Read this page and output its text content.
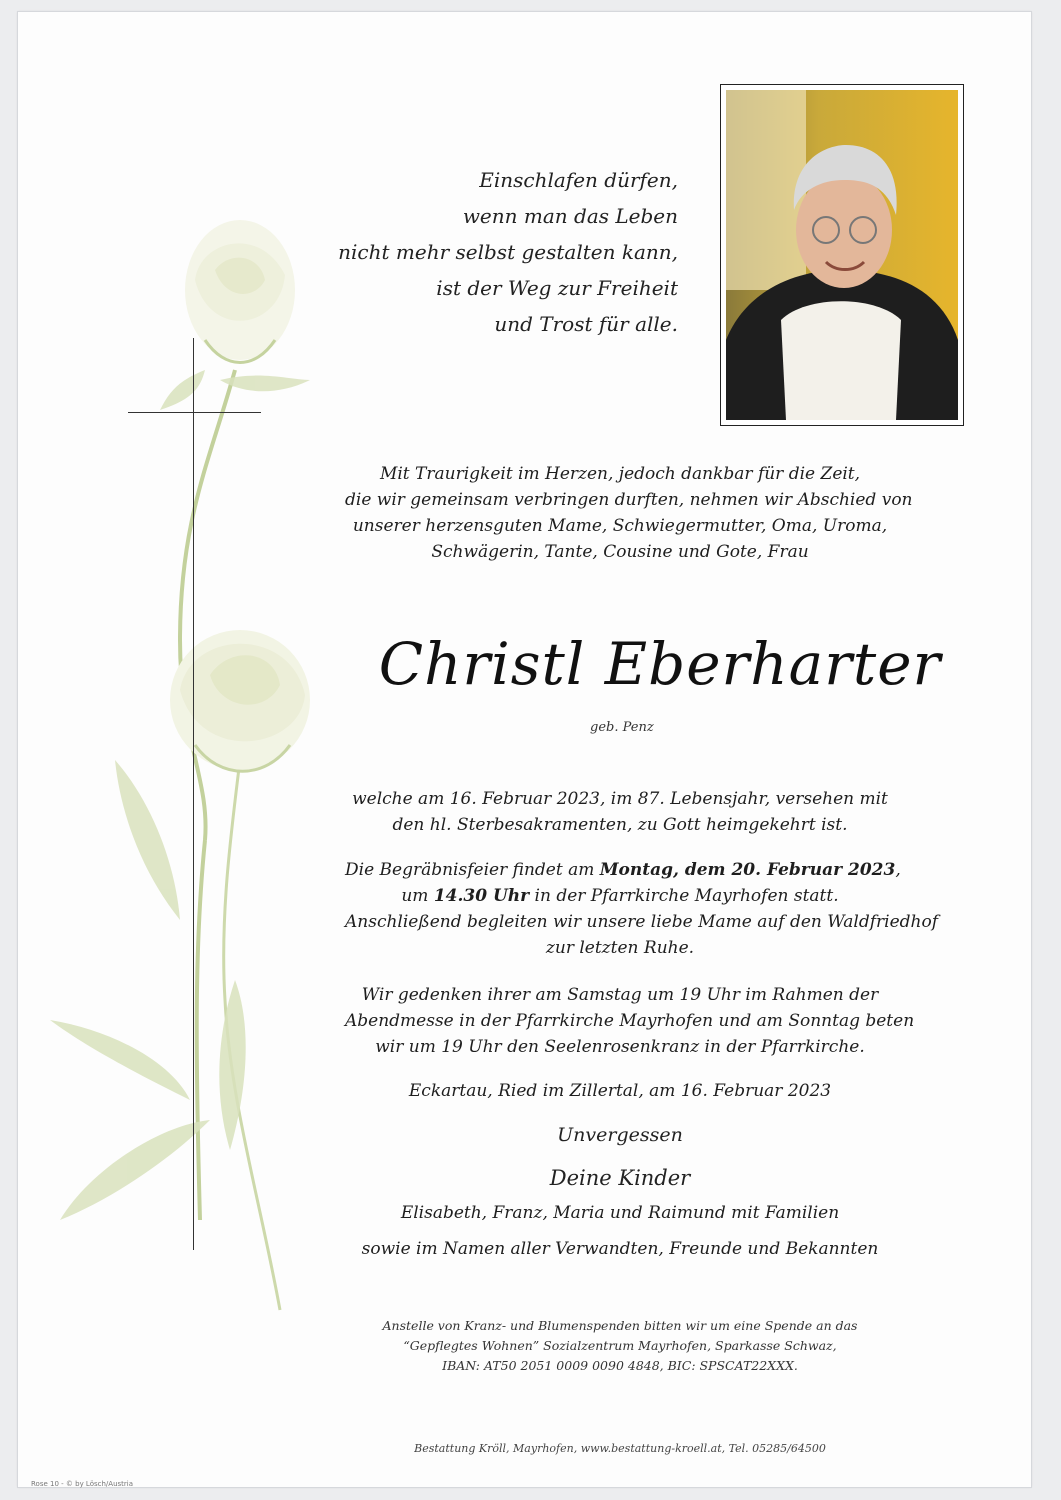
Einschlafen dürfen,
wenn man das Leben
nicht mehr selbst gestalten kann,
ist der Weg zur Freiheit
und Trost für alle.
Mit Traurigkeit im Herzen, jedoch dankbar für die Zeit,
die wir gemeinsam verbringen durften, nehmen wir Abschied von
unserer herzensguten Mame, Schwiegermutter, Oma, Uroma,
Schwägerin, Tante, Cousine und Gote, Frau
Christl Eberharter
geb. Penz
welche am 16. Februar 2023, im 87. Lebensjahr, versehen mit
den hl. Sterbesakramenten, zu Gott heimgekehrt ist.
Die Begräbnisfeier findet am Montag, dem 20. Februar 2023,
um 14.30 Uhr in der Pfarrkirche Mayrhofen statt.
Anschließend begleiten wir unsere liebe Mame auf den Waldfriedhof
zur letzten Ruhe.
Wir gedenken ihrer am Samstag um 19 Uhr im Rahmen der
Abendmesse in der Pfarrkirche Mayrhofen und am Sonntag beten
wir um 19 Uhr den Seelenrosenkranz in der Pfarrkirche.
Eckartau, Ried im Zillertal, am 16. Februar 2023
Unvergessen
Deine Kinder
Elisabeth, Franz, Maria und Raimund mit Familien
sowie im Namen aller Verwandten, Freunde und Bekannten
Anstelle von Kranz- und Blumenspenden bitten wir um eine Spende an das
“Gepflegtes Wohnen” Sozialzentrum Mayrhofen, Sparkasse Schwaz,
IBAN: AT50 2051 0009 0090 4848, BIC: SPSCAT22XXX.
Bestattung Kröll, Mayrhofen, www.bestattung-kroell.at, Tel. 05285/64500
Rose 10 - © by Lösch/Austria
